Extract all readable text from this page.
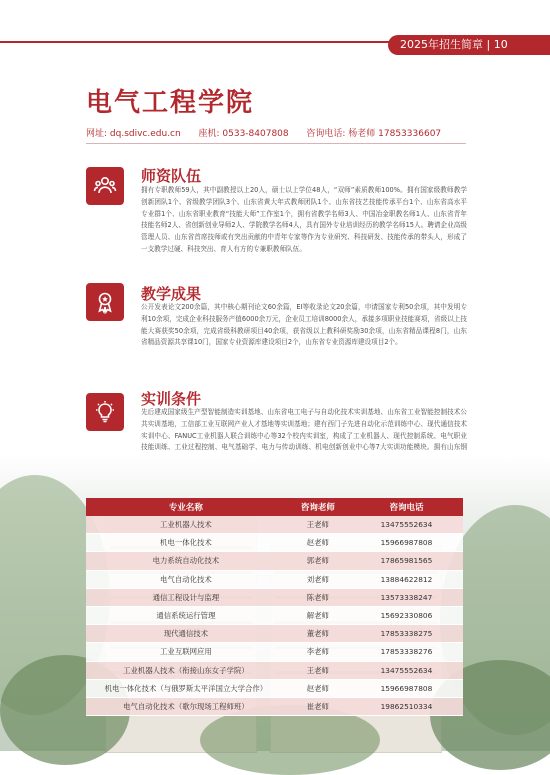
2025年招生简章 | 10
电气工程学院
网址: dq.sdivc.edu.cn 座机: 0533-8407808 咨询电话: 杨老师 17853336607
师资队伍

拥有专职教师59人，其中副教授以上20人，硕士以上学位48人，“双师”素质教师100%。拥有国家级教师教学创新团队1个、省级教学团队3个、山东省黄大年式教师团队1个、山东省技艺技能传承平台1个、山东省高水平专业群1个、山东省职业教育“技能大师”工作室1个，拥有省教学名师3人、中国冶金职教名师1人、山东省青年技能名师2人、省创新创业导师2人、学院教学名师4人，具有国外专业培训经历的教学名师15人。聘请企业高级管理人员、山东省首席技师或有突出贡献的中青年专家等作为专业研究、科技研发、技能传承的带头人，形成了一支教学过硬、科技突出、育人有方的专兼职教师队伍。

教学成果

公开发表论文200余篇，其中核心期刊论文60余篇，EI等收录论文20余篇，申请国家专利50余项，其中发明专利10余项，完成企业科技服务产值6000余万元，企业员工培训8000余人，承接多项职业技能赛项，省级以上技能大赛获奖50余项，完成省级科教研项目40余项，获省级以上教科研奖励30余项，山东省精品课程8门，山东省精品资源共享课10门，国家专业资源库建设项目2个，山东省专业资源库建设项目2个。

实训条件

先后建成国家级生产型智能制造实训基地、山东省电工电子与自动化技术实训基地、山东省工业智能控制技术公共实训基地，工信部工业互联网产业人才基地等实训基地；建有西门子先进自动化示范训练中心、现代通信技术实训中心、FANUC工业机器人联合训练中心等32个校内实训室，构成了工业机器人、现代控制系统、电气职业技能训练、工业过程控制、电气基础学、电力与传动训练、机电创新创业中心等7大实训功能模块。拥有山东钢

专业名称	咨询老师	咨询电话
工业机器人技术	王老师	13475552634
机电一体化技术	赵老师	15966987808
电力系统自动化技术	郭老师	17865981565
电气自动化技术	刘老师	13884622812
通信工程设计与监理	陈老师	13573338247
通信系统运行管理	解老师	15692330806
现代通信技术	董老师	17853338275
工业互联网应用	李老师	17853338276
工业机器人技术（衔接山东女子学院）	王老师	13475552634
机电一体化技术（与俄罗斯太平洋国立大学合作）	赵老师	15966987808
电气自动化技术（歌尔现场工程师班）	崔老师	19862510334
